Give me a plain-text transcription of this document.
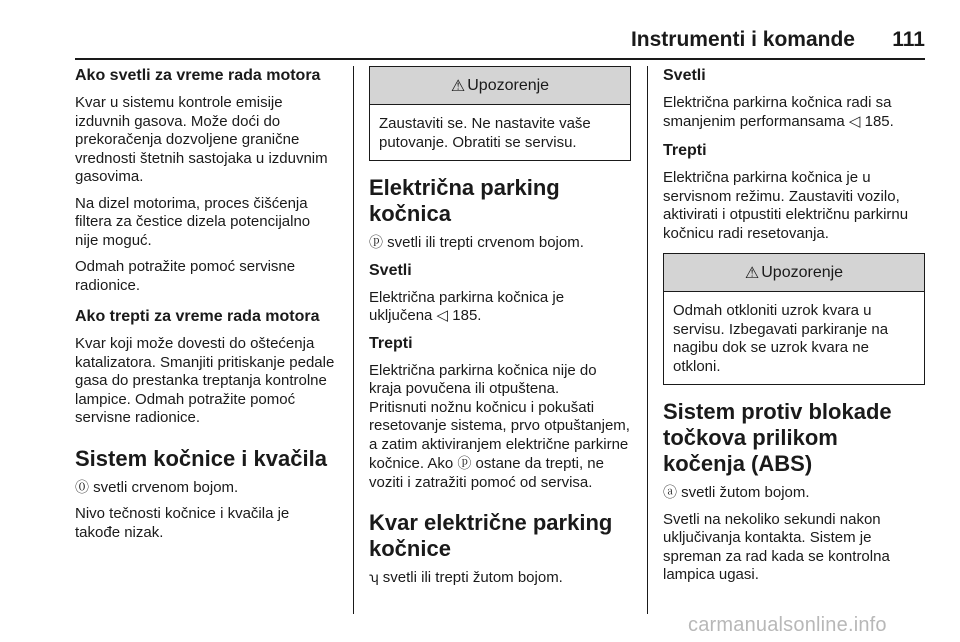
Instrumenti i komande 111
Ako svetli za vreme rada motora

Kvar u sistemu kontrole emisije izduvnih gasova. Može doći do prekoračenja dozvoljene granične vrednosti štetnih sastojaka u izduvnim gasovima.

Na dizel motorima, proces čišćenja filtera za čestice dizela potencijalno nije moguć.

Odmah potražite pomoć servisne radionice.

Ako trepti za vreme rada motora

Kvar koji može dovesti do oštećenja katalizatora. Smanjiti pritiskanje pedale gasa do prestanka treptanja kontrolne lampice. Odmah potražite pomoć servisne radionice.

Sistem kočnice i kvačila

⓪ svetli crvenom bojom.

Nivo tečnosti kočnice i kvačila je takođe nizak.

⚠ Upozorenje

Zaustaviti se. Ne nastavite vaše putovanje. Obratiti se servisu.

Električna parking kočnica

ⓟ svetli ili trepti crvenom bojom.

Svetli

Električna parkirna kočnica je uključena ◁ 185.

Trepti

Električna parkirna kočnica nije do kraja povučena ili otpuštena.

Pritisnuti nožnu kočnicu i pokušati resetovanje sistema, prvo otpuštanjem, a zatim aktiviranjem električne parkirne kočnice. Ako ⓟ ostane da trepti, ne voziti i zatražiti pomoć od servisa.

Kvar električne parking kočnice

ʮ svetli ili trepti žutom bojom.

Svetli

Električna parkirna kočnica radi sa smanjenim performansama ◁ 185.

Trepti

Električna parkirna kočnica je u servisnom režimu. Zaustaviti vozilo, aktivirati i otpustiti električnu parkirnu kočnicu radi resetovanja.

⚠ Upozorenje

Odmah otkloniti uzrok kvara u servisu. Izbegavati parkiranje na nagibu dok se uzrok kvara ne otkloni.

Sistem protiv blokade točkova prilikom kočenja (ABS)

ⓐ svetli žutom bojom.

Svetli na nekoliko sekundi nakon uključivanja kontakta. Sistem je spreman za rad kada se kontrolna lampica ugasi.

carmanualsonline.info
